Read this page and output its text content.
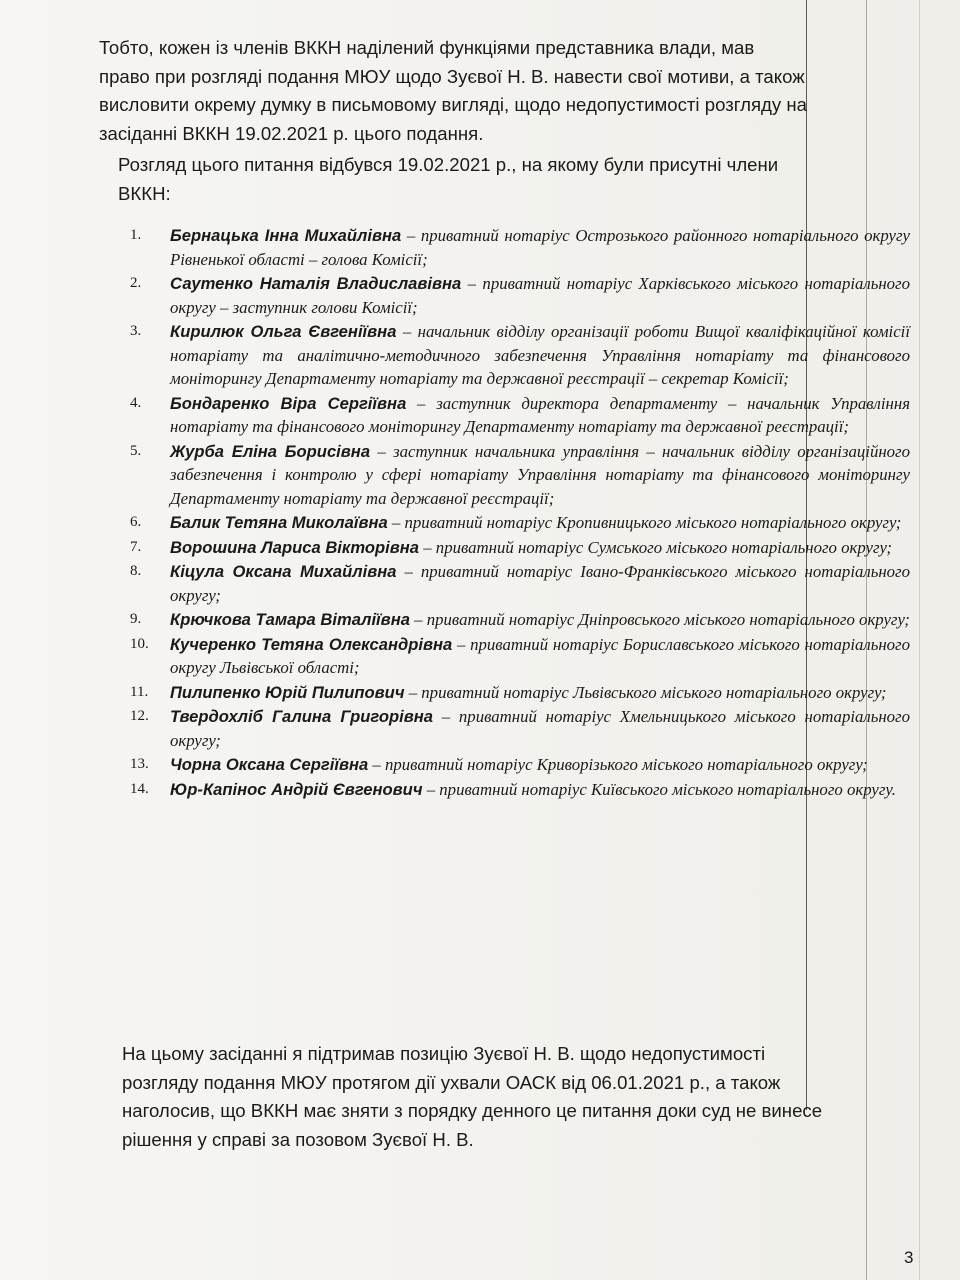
Тобто, кожен із членів ВККН наділений функціями представника влади, мав
право при розгляді подання МЮУ щодо Зуєвої Н. В. навести свої мотиви, а також
висловити окрему думку в письмовому вигляді, щодо недопустимості розгляду на
засіданні ВККН 19.02.2021 р. цього подання.

Розгляд цього питання відбувся 19.02.2021 р., на якому були присутні члени
ВККН:

1. Бернацька Інна Михайлівна – приватний нотаріус Острозького районного нотаріального округу Рівненької області – голова Комісії;
2. Саутенко Наталія Владиславівна – приватний нотаріус Харківського міського нотаріального округу – заступник голови Комісії;
3. Кирилюк Ольга Євгеніївна – начальник відділу організації роботи Вищої кваліфікаційної комісії нотаріату та аналітично-методичного забезпечення Управління нотаріату та фінансового моніторингу Департаменту нотаріату та державної реєстрації – секретар Комісії;
4. Бондаренко Віра Сергіївна – заступник директора департаменту – начальник Управління нотаріату та фінансового моніторингу Департаменту нотаріату та державної реєстрації;
5. Журба Еліна Борисівна – заступник начальника управління – начальник відділу організаційного забезпечення і контролю у сфері нотаріату Управління нотаріату та фінансового моніторингу Департаменту нотаріату та державної реєстрації;
6. Балик Тетяна Миколаївна – приватний нотаріус Кропивницького міського нотаріального округу;
7. Ворошина Лариса Вікторівна – приватний нотаріус Сумського міського нотаріального округу;
8. Кіцула Оксана Михайлівна – приватний нотаріус Івано-Франківського міського нотаріального округу;
9. Крючкова Тамара Віталіївна – приватний нотаріус Дніпровського міського нотаріального округу;
10. Кучеренко Тетяна Олександрівна – приватний нотаріус Бориславського міського нотаріального округу Львівської області;
11. Пилипенко Юрій Пилипович – приватний нотаріус Львівського міського нотаріального округу;
12. Твердохліб Галина Григорівна – приватний нотаріус Хмельницького міського нотаріального округу;
13. Чорна Оксана Сергіївна – приватний нотаріус Криворізького міського нотаріального округу;
14. Юр-Капінос Андрій Євгенович – приватний нотаріус Київського міського нотаріального округу.

На цьому засіданні я підтримав позицію Зуєвої Н. В. щодо недопустимості
розгляду подання МЮУ протягом дії ухвали ОАСК від 06.01.2021 р., а також
наголосив, що ВККН має зняти з порядку денного це питання доки суд не винесе
рішення у справі за позовом Зуєвої Н. В.

3
